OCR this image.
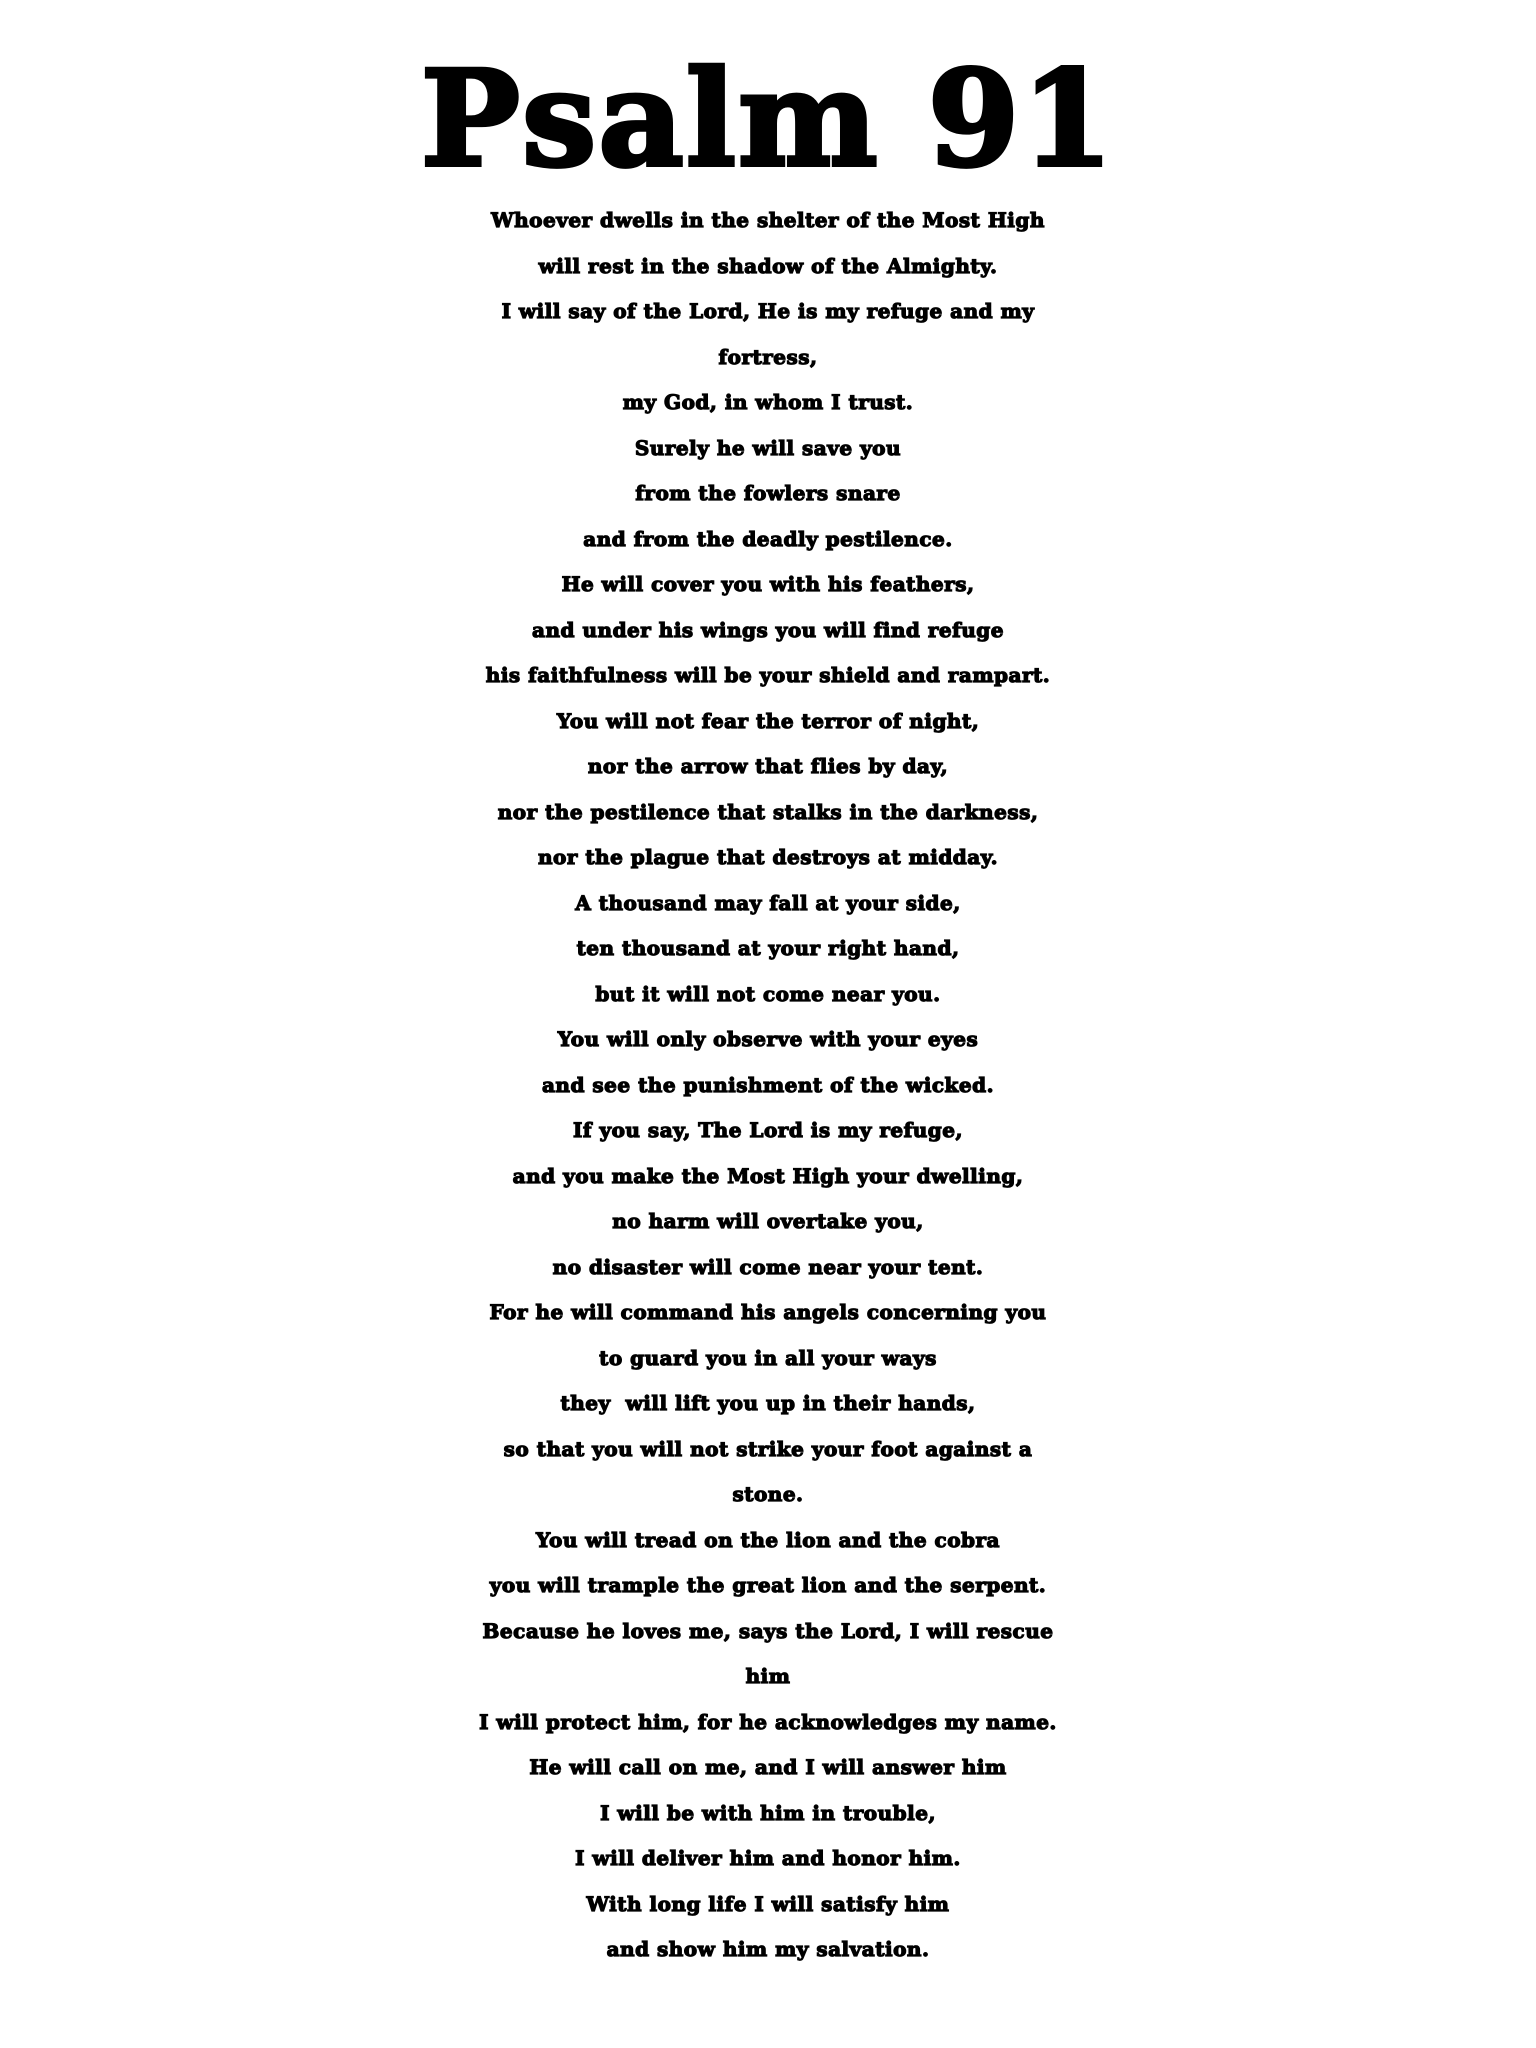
Psalm 91
Whoever dwells in the shelter of the Most High
will rest in the shadow of the Almighty.
I will say of the Lord, He is my refuge and my
fortress,
my God, in whom I trust.
Surely he will save you
from the fowlers snare
and from the deadly pestilence.
He will cover you with his feathers,
and under his wings you will find refuge
his faithfulness will be your shield and rampart.
You will not fear the terror of night,
nor the arrow that flies by day,
nor the pestilence that stalks in the darkness,
nor the plague that destroys at midday.
A thousand may fall at your side,
ten thousand at your right hand,
but it will not come near you.
You will only observe with your eyes
and see the punishment of the wicked.
If you say, The Lord is my refuge,
and you make the Most High your dwelling,
no harm will overtake you,
no disaster will come near your tent.
For he will command his angels concerning you
to guard you in all your ways
they  will lift you up in their hands,
so that you will not strike your foot against a
stone.
You will tread on the lion and the cobra
you will trample the great lion and the serpent.
Because he loves me, says the Lord, I will rescue
him
I will protect him, for he acknowledges my name.
He will call on me, and I will answer him
I will be with him in trouble,
I will deliver him and honor him.
With long life I will satisfy him
and show him my salvation.
